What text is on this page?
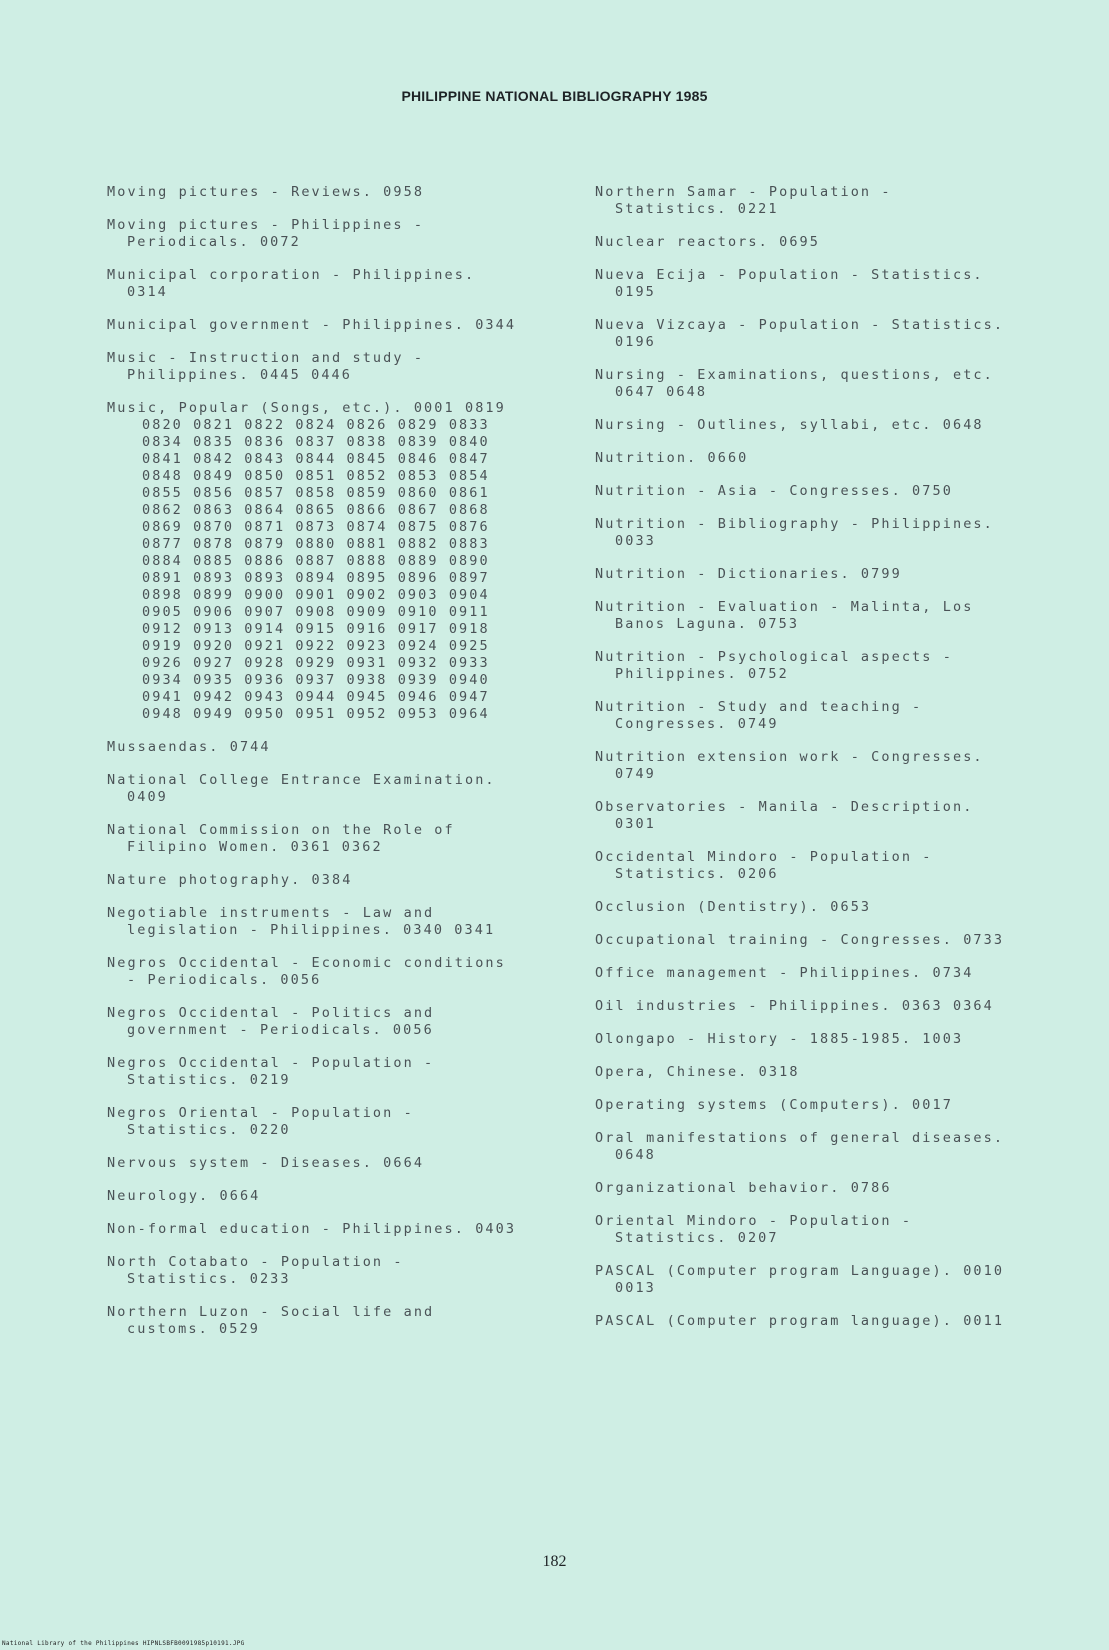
PHILIPPINE NATIONAL BIBLIOGRAPHY 1985
Moving pictures - Reviews. 0958
Moving pictures - Philippines -
Periodicals. 0072
Municipal corporation - Philippines.
0314
Municipal government - Philippines. 0344
Music - Instruction and study -
Philippines. 0445 0446
Music, Popular (Songs, etc.). 0001 0819
0820 0821 0822 0824 0826 0829 0833
0834 0835 0836 0837 0838 0839 0840
0841 0842 0843 0844 0845 0846 0847
0848 0849 0850 0851 0852 0853 0854
0855 0856 0857 0858 0859 0860 0861
0862 0863 0864 0865 0866 0867 0868
0869 0870 0871 0873 0874 0875 0876
0877 0878 0879 0880 0881 0882 0883
0884 0885 0886 0887 0888 0889 0890
0891 0893 0893 0894 0895 0896 0897
0898 0899 0900 0901 0902 0903 0904
0905 0906 0907 0908 0909 0910 0911
0912 0913 0914 0915 0916 0917 0918
0919 0920 0921 0922 0923 0924 0925
0926 0927 0928 0929 0931 0932 0933
0934 0935 0936 0937 0938 0939 0940
0941 0942 0943 0944 0945 0946 0947
0948 0949 0950 0951 0952 0953 0964
Mussaendas. 0744
National College Entrance Examination.
0409
National Commission on the Role of
Filipino Women. 0361 0362
Nature photography. 0384
Negotiable instruments - Law and
legislation - Philippines. 0340 0341
Negros Occidental - Economic conditions
- Periodicals. 0056
Negros Occidental - Politics and
government - Periodicals. 0056
Negros Occidental - Population -
Statistics. 0219
Negros Oriental - Population -
Statistics. 0220
Nervous system - Diseases. 0664
Neurology. 0664
Non-formal education - Philippines. 0403
North Cotabato - Population -
Statistics. 0233
Northern Luzon - Social life and
customs. 0529
Northern Samar - Population -
Statistics. 0221
Nuclear reactors. 0695
Nueva Ecija - Population - Statistics.
0195
Nueva Vizcaya - Population - Statistics.
0196
Nursing - Examinations, questions, etc.
0647 0648
Nursing - Outlines, syllabi, etc. 0648
Nutrition. 0660
Nutrition - Asia - Congresses. 0750
Nutrition - Bibliography - Philippines.
0033
Nutrition - Dictionaries. 0799
Nutrition - Evaluation - Malinta, Los
Banos Laguna. 0753
Nutrition - Psychological aspects -
Philippines. 0752
Nutrition - Study and teaching -
Congresses. 0749
Nutrition extension work - Congresses.
0749
Observatories - Manila - Description.
0301
Occidental Mindoro - Population -
Statistics. 0206
Occlusion (Dentistry). 0653
Occupational training - Congresses. 0733
Office management - Philippines. 0734
Oil industries - Philippines. 0363 0364
Olongapo - History - 1885-1985. 1003
Opera, Chinese. 0318
Operating systems (Computers). 0017
Oral manifestations of general diseases.
0648
Organizational behavior. 0786
Oriental Mindoro - Population -
Statistics. 0207
PASCAL (Computer program Language). 0010
0013
PASCAL (Computer program language). 0011
182
National Library of the Philippines HIPNLSBFB0091985p10191.JPG
